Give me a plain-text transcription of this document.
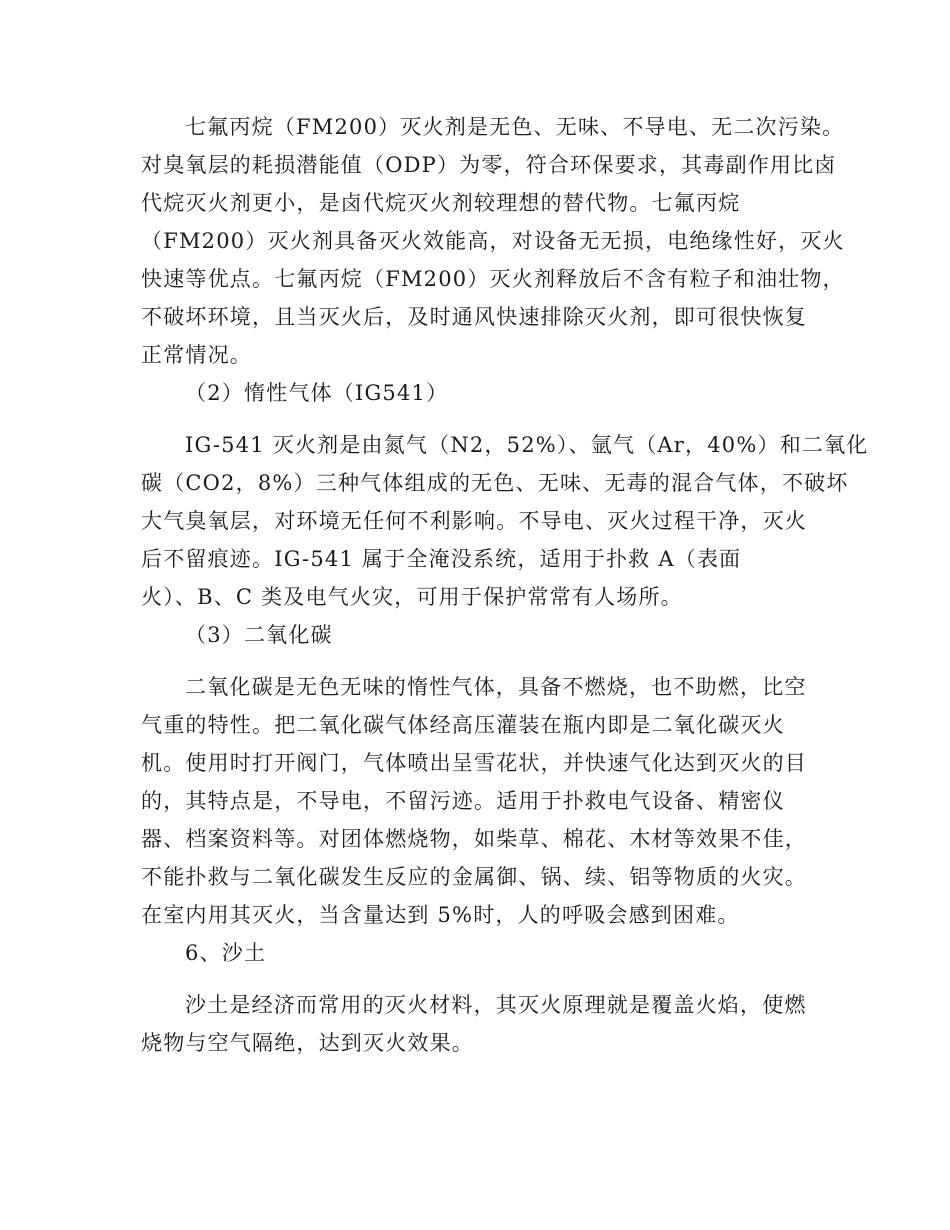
七氟丙烷（FM200）灭火剂是无色、无味、不导电、无二次污染。
对臭氧层的耗损潜能值（ODP）为零，符合环保要求，其毒副作用比卤
代烷灭火剂更小，是卤代烷灭火剂较理想的替代物。七氟丙烷
（FM200）灭火剂具备灭火效能高，对设备无无损，电绝缘性好，灭火
快速等优点。七氟丙烷（FM200）灭火剂释放后不含有粒子和油壮物，
不破坏环境，且当灭火后，及时通风快速排除灭火剂，即可很快恢复
正常情况。

（2）惰性气体（IG541）

IG-541 灭火剂是由氮气（N2，52%）、氩气（Ar，40%）和二氧化
碳（CO2，8%）三种气体组成的无色、无味、无毒的混合气体，不破坏
大气臭氧层，对环境无任何不利影响。不导电、灭火过程干净，灭火
后不留痕迹。IG-541 属于全淹没系统，适用于扑救 A（表面
火）、B、C 类及电气火灾，可用于保护常常有人场所。

（3）二氧化碳

二氧化碳是无色无味的惰性气体，具备不燃烧，也不助燃，比空
气重的特性。把二氧化碳气体经高压灌装在瓶内即是二氧化碳灭火
机。使用时打开阀门，气体喷出呈雪花状，并快速气化达到灭火的目
的，其特点是，不导电，不留污迹。适用于扑救电气设备、精密仪
器、档案资料等。对团体燃烧物，如柴草、棉花、木材等效果不佳，
不能扑救与二氧化碳发生反应的金属御、锅、续、铝等物质的火灾。
在室内用其灭火，当含量达到 5%时，人的呼吸会感到困难。

6、沙土

沙土是经济而常用的灭火材料，其灭火原理就是覆盖火焰，使燃
烧物与空气隔绝，达到灭火效果。
